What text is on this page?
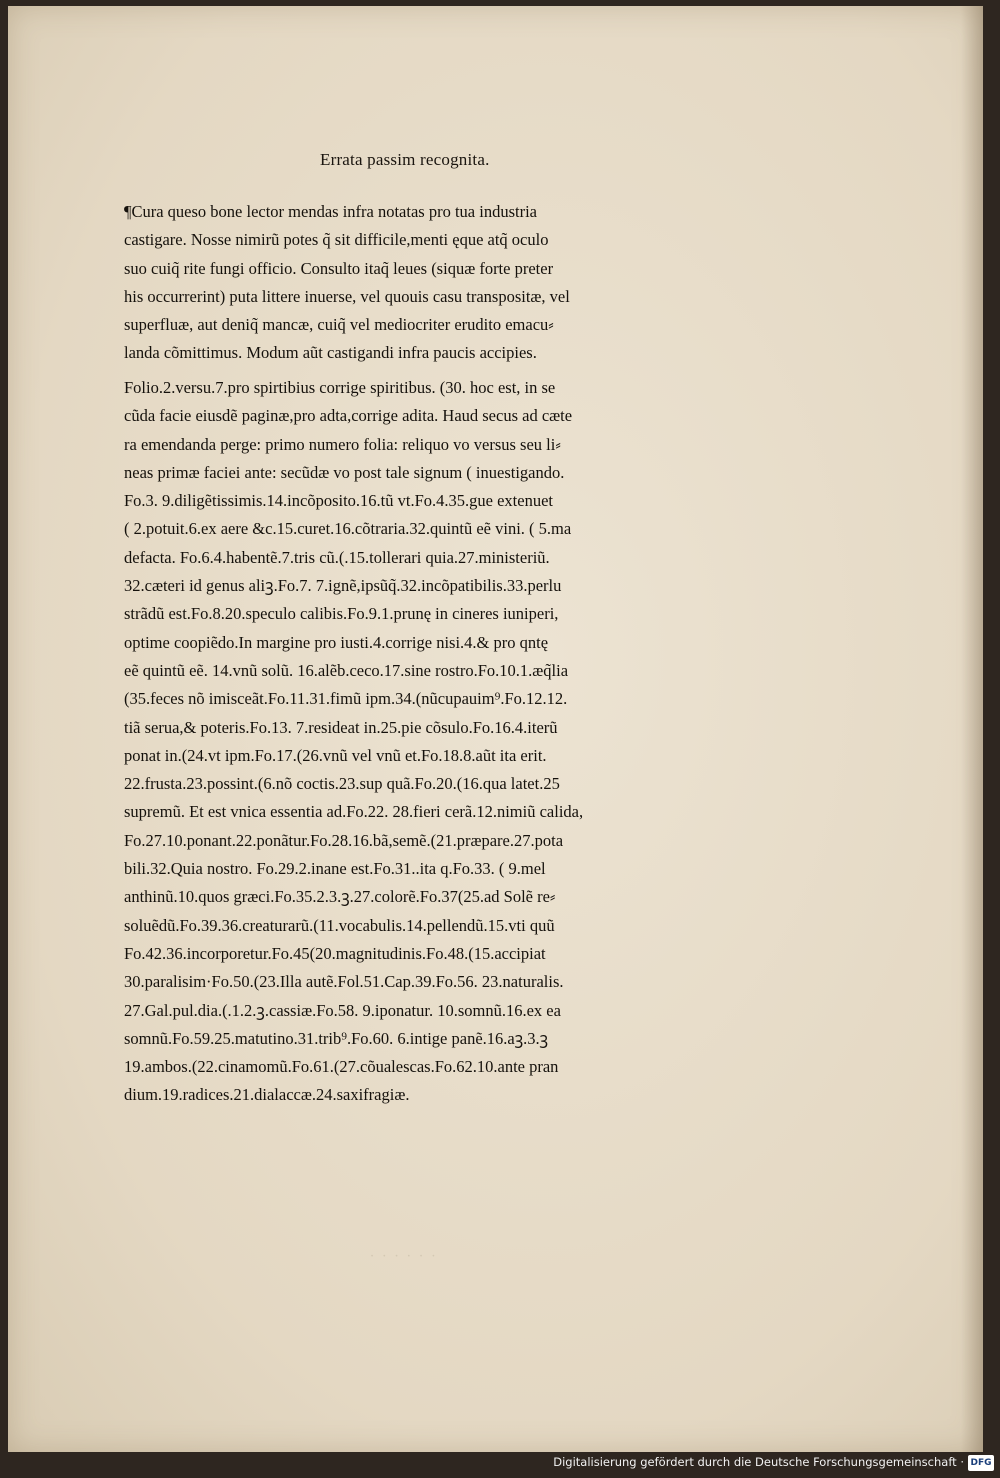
Errata passim recognita.
¶Cura queso bone lector mendas infra notatas pro tua industria
castigare. Nosse nimirũ potes q̃ sit difficile,menti ęque atq̃ oculo
suo cuiq̃ rite fungi officio. Consulto itaq̃ leues (siquæ forte preter
his occurrerint) puta littere inuerse, vel quouis casu transpositæ, vel
superfluæ, aut deniq̃ mancæ, cuiq̃ vel mediocriter erudito emacu⸗
landa cõmittimus. Modum aũt castigandi infra paucis accipies.
Folio.2.versu.7.pro spirtibius corrige spiritibus. (30. hoc est, in se
cũda facie eiusdẽ paginæ,pro adta,corrige adita. Haud secus ad cæte
ra emendanda perge: primo numero folia: reliquo vo versus seu li⸗
neas primæ faciei ante: secũdæ vo post tale signum ( inuestigando.
Fo.3. 9.diligẽtissimis.14.incõposito.16.tũ vt.Fo.4.35.gue extenuet
( 2.potuit.6.ex aere &c.15.curet.16.cõtraria.32.quintũ eẽ vini. ( 5.ma
defacta. Fo.6.4.habentẽ.7.tris cũ.(.15.tollerari quia.27.ministeriũ.
32.cæteri id genus aliꝫ.Fo.7. 7.ignẽ,ipsũq̃.32.incõpatibilis.33.perlu
strãdũ est.Fo.8.20.speculo calibis.Fo.9.1.prunę in cineres iuniperi,
optime coopiẽdo.In margine pro iusti.4.corrige nisi.4.& pro qntę
eẽ quintũ eẽ. 14.vnũ solũ. 16.alẽb.ceco.17.sine rostro.Fo.10.1.æq̃lia
(35.feces nõ imisceãt.Fo.11.31.fimũ ipm.34.(nũcupauim⁹.Fo.12.12.
tiã serua,& poteris.Fo.13. 7.resideat in.25.pie cõsulo.Fo.16.4.iterũ
ponat in.(24.vt ipm.Fo.17.(26.vnũ vel vnũ et.Fo.18.8.aũt ita erit.
22.frusta.23.possint.(6.nõ coctis.23.sup quã.Fo.20.(16.qua latet.25
supremũ. Et est vnica essentia ad.Fo.22. 28.fieri cerã.12.nimiũ calida,
Fo.27.10.ponant.22.ponãtur.Fo.28.16.bã,semẽ.(21.præpare.27.pota
bili.32.Quia nostro. Fo.29.2.inane est.Fo.31..ita q.Fo.33. ( 9.mel
anthinũ.10.quos græci.Fo.35.2.3.ꝫ.27.colorẽ.Fo.37(25.ad Solẽ re⸗
soluẽdũ.Fo.39.36.creaturarũ.(11.vocabulis.14.pellendũ.15.vti quũ
Fo.42.36.incorporetur.Fo.45(20.magnitudinis.Fo.48.(15.accipiat
30.paralisim·Fo.50.(23.Illa autẽ.Fol.51.Cap.39.Fo.56. 23.naturalis.
27.Gal.pul.dia.(.1.2.ꝫ.cassiæ.Fo.58. 9.iponatur. 10.somnũ.16.ex ea
somnũ.Fo.59.25.matutino.31.trib⁹.Fo.60. 6.intige panẽ.16.aꝫ.3.ꝫ
19.ambos.(22.cinamomũ.Fo.61.(27.cõualescas.Fo.62.10.ante pran
dium.19.radices.21.dialaccæ.24.saxifragiæ.
· · · · · ·
Digitalisierung gefördert durch die Deutsche Forschungsgemeinschaft · DFG
